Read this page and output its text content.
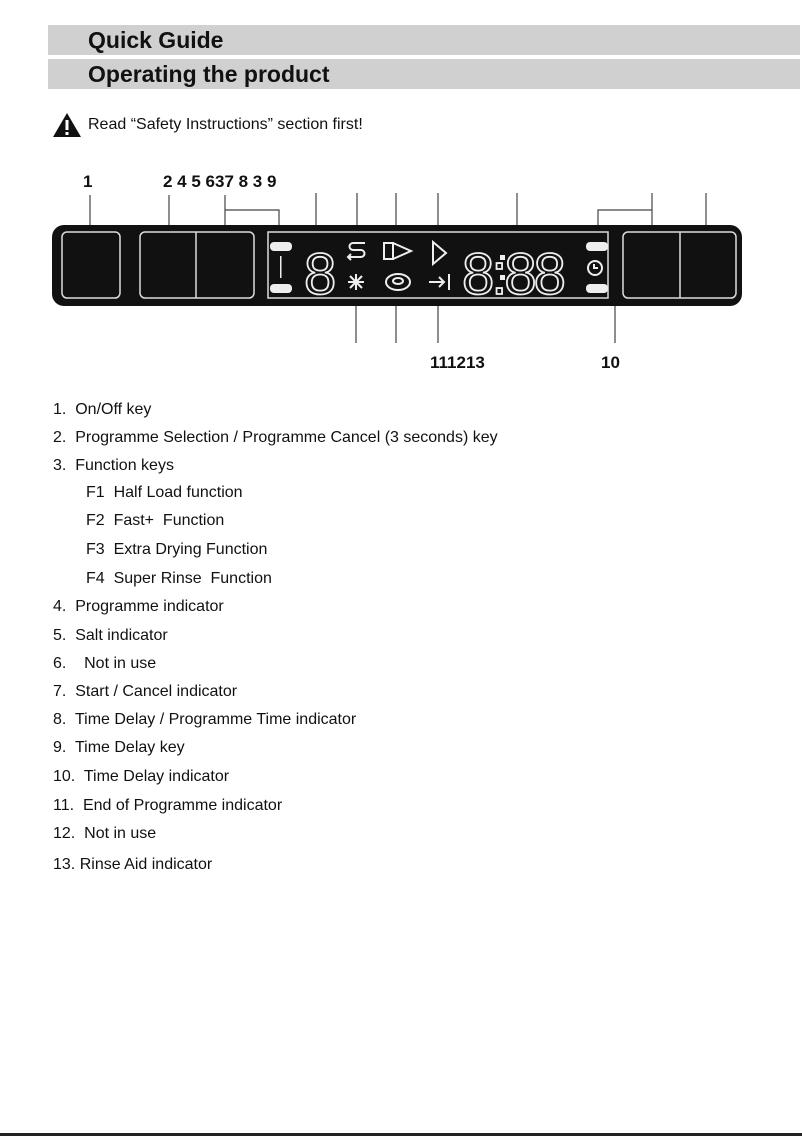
Quick Guide
Operating the product
Read “Safety Instructions” section first!
1	2 4 5 637 8 3 9
111213	10
8 8:88
1. On/Off key
2. Programme Selection / Programme Cancel (3 seconds) key
3. Function keys
F1 Half Load function
F2 Fast+  Function
F3 Extra Drying Function
F4 Super Rinse  Function
4. Programme indicator
5. Salt indicator
6. Not in use
7. Start / Cancel indicator
8. Time Delay / Programme Time indicator
9. Time Delay key
10. Time Delay indicator
11. End of Programme indicator
12. Not in use
13. Rinse Aid indicator
